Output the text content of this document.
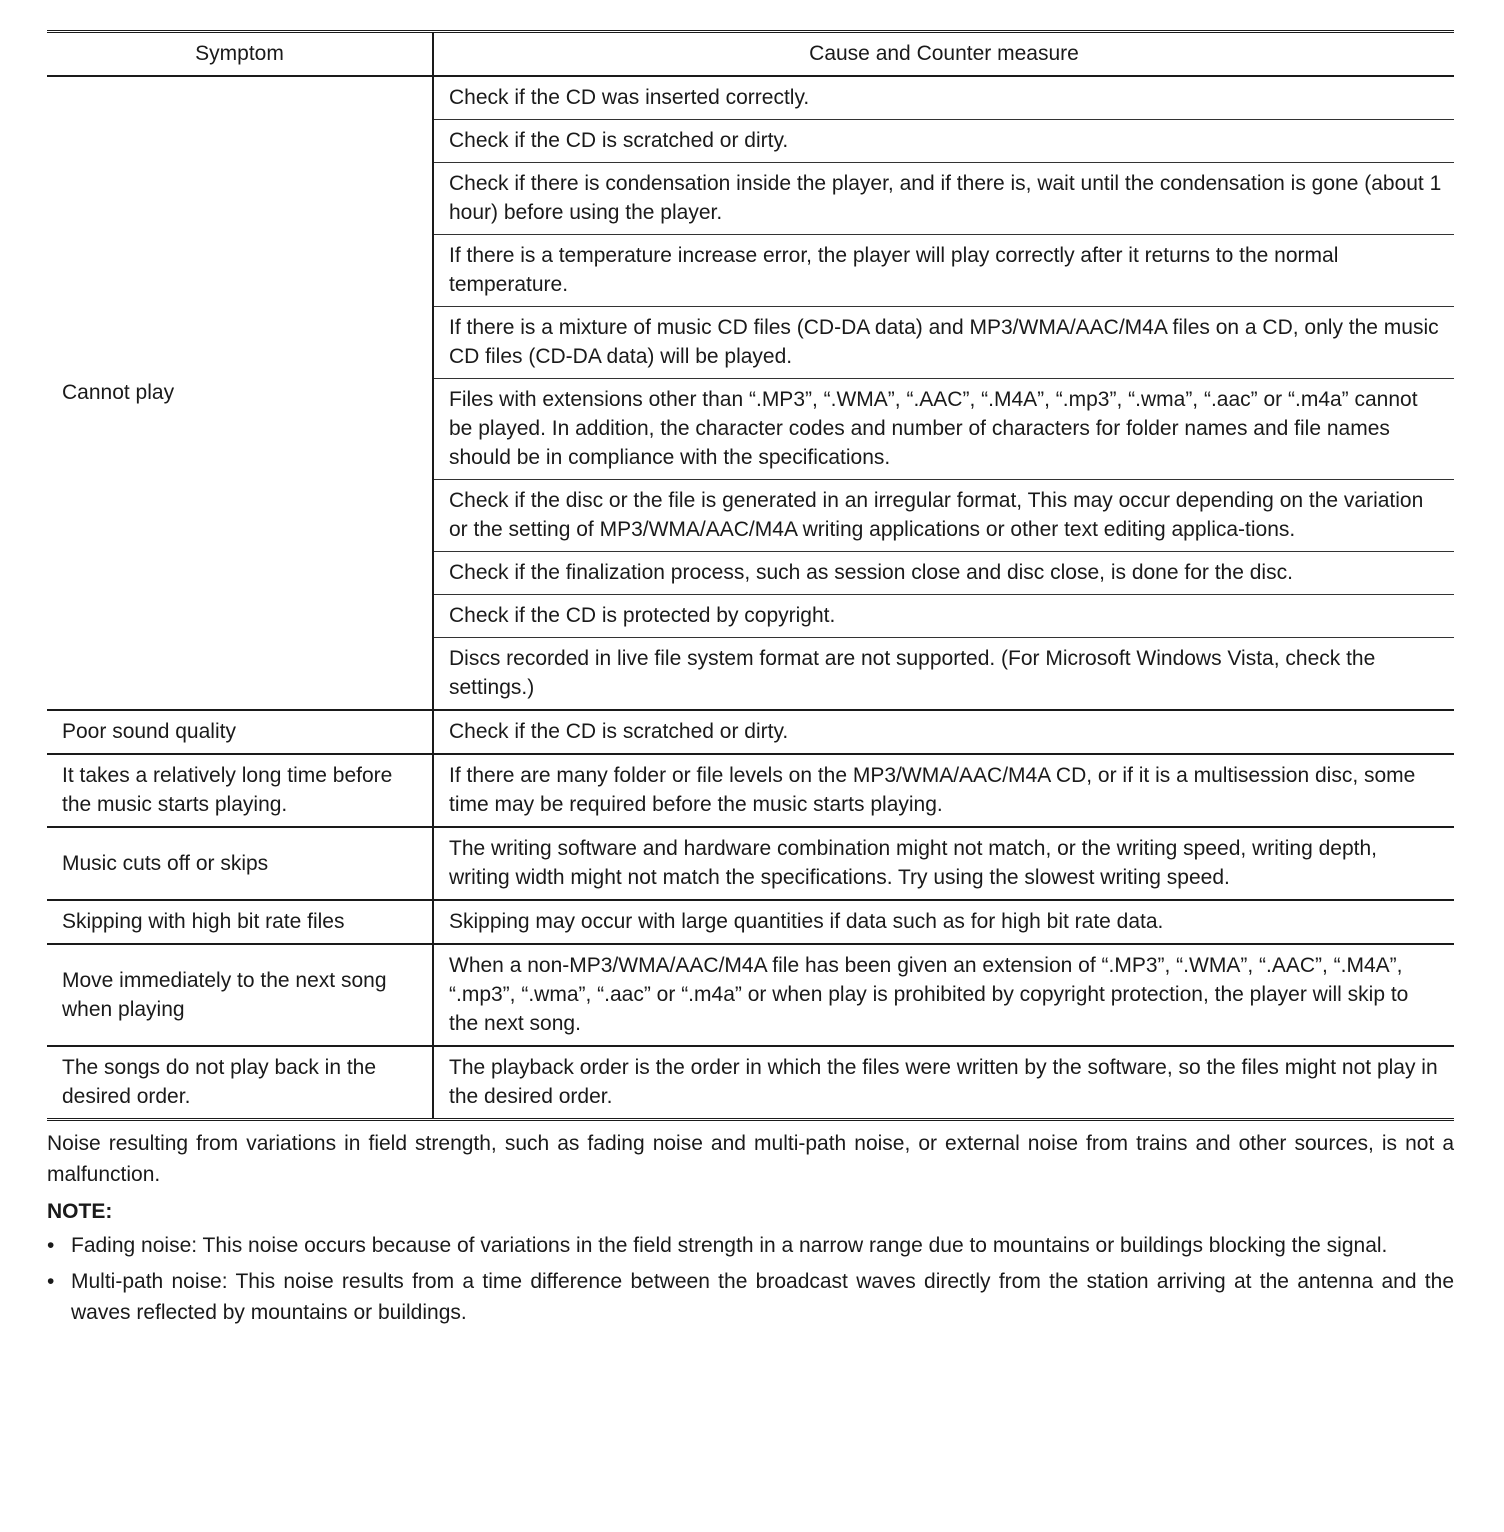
Symptom	Cause and Counter measure
Cannot play	Check if the CD was inserted correctly.
	Check if the CD is scratched or dirty.
	Check if there is condensation inside the player, and if there is, wait until the condensation is gone (about 1 hour) before using the player.
	If there is a temperature increase error, the player will play correctly after it returns to the normal temperature.
	If there is a mixture of music CD files (CD-DA data) and MP3/WMA/AAC/M4A files on a CD, only the music CD files (CD-DA data) will be played.
	Files with extensions other than “.MP3”, “.WMA”, “.AAC”, “.M4A”, “.mp3”, “.wma”, “.aac” or “.m4a” cannot be played. In addition, the character codes and number of characters for folder names and file names should be in compliance with the specifications.
	Check if the disc or the file is generated in an irregular format, This may occur depending on the variation or the setting of MP3/WMA/AAC/M4A writing applications or other text editing applica-tions.
	Check if the finalization process, such as session close and disc close, is done for the disc.
	Check if the CD is protected by copyright.
	Discs recorded in live file system format are not supported. (For Microsoft Windows Vista, check the settings.)
Poor sound quality	Check if the CD is scratched or dirty.
It takes a relatively long time before the music starts playing.	If there are many folder or file levels on the MP3/WMA/AAC/M4A CD, or if it is a multisession disc, some time may be required before the music starts playing.
Music cuts off or skips	The writing software and hardware combination might not match, or the writing speed, writing depth, writing width might not match the specifications. Try using the slowest writing speed.
Skipping with high bit rate files	Skipping may occur with large quantities if data such as for high bit rate data.
Move immediately to the next song when playing	When a non-MP3/WMA/AAC/M4A file has been given an extension of “.MP3”, “.WMA”, “.AAC”, “.M4A”, “.mp3”, “.wma”, “.aac” or “.m4a” or when play is prohibited by copyright protection, the player will skip to the next song.
The songs do not play back in the desired order.	The playback order is the order in which the files were written by the software, so the files might not play in the desired order.

Noise resulting from variations in field strength, such as fading noise and multi-path noise, or external noise from trains and other sources, is not a malfunction.

NOTE:

• Fading noise: This noise occurs because of variations in the field strength in a narrow range due to mountains or buildings blocking the signal.
• Multi-path noise: This noise results from a time difference between the broadcast waves directly from the station arriving at the antenna and the waves reflected by mountains or buildings.
